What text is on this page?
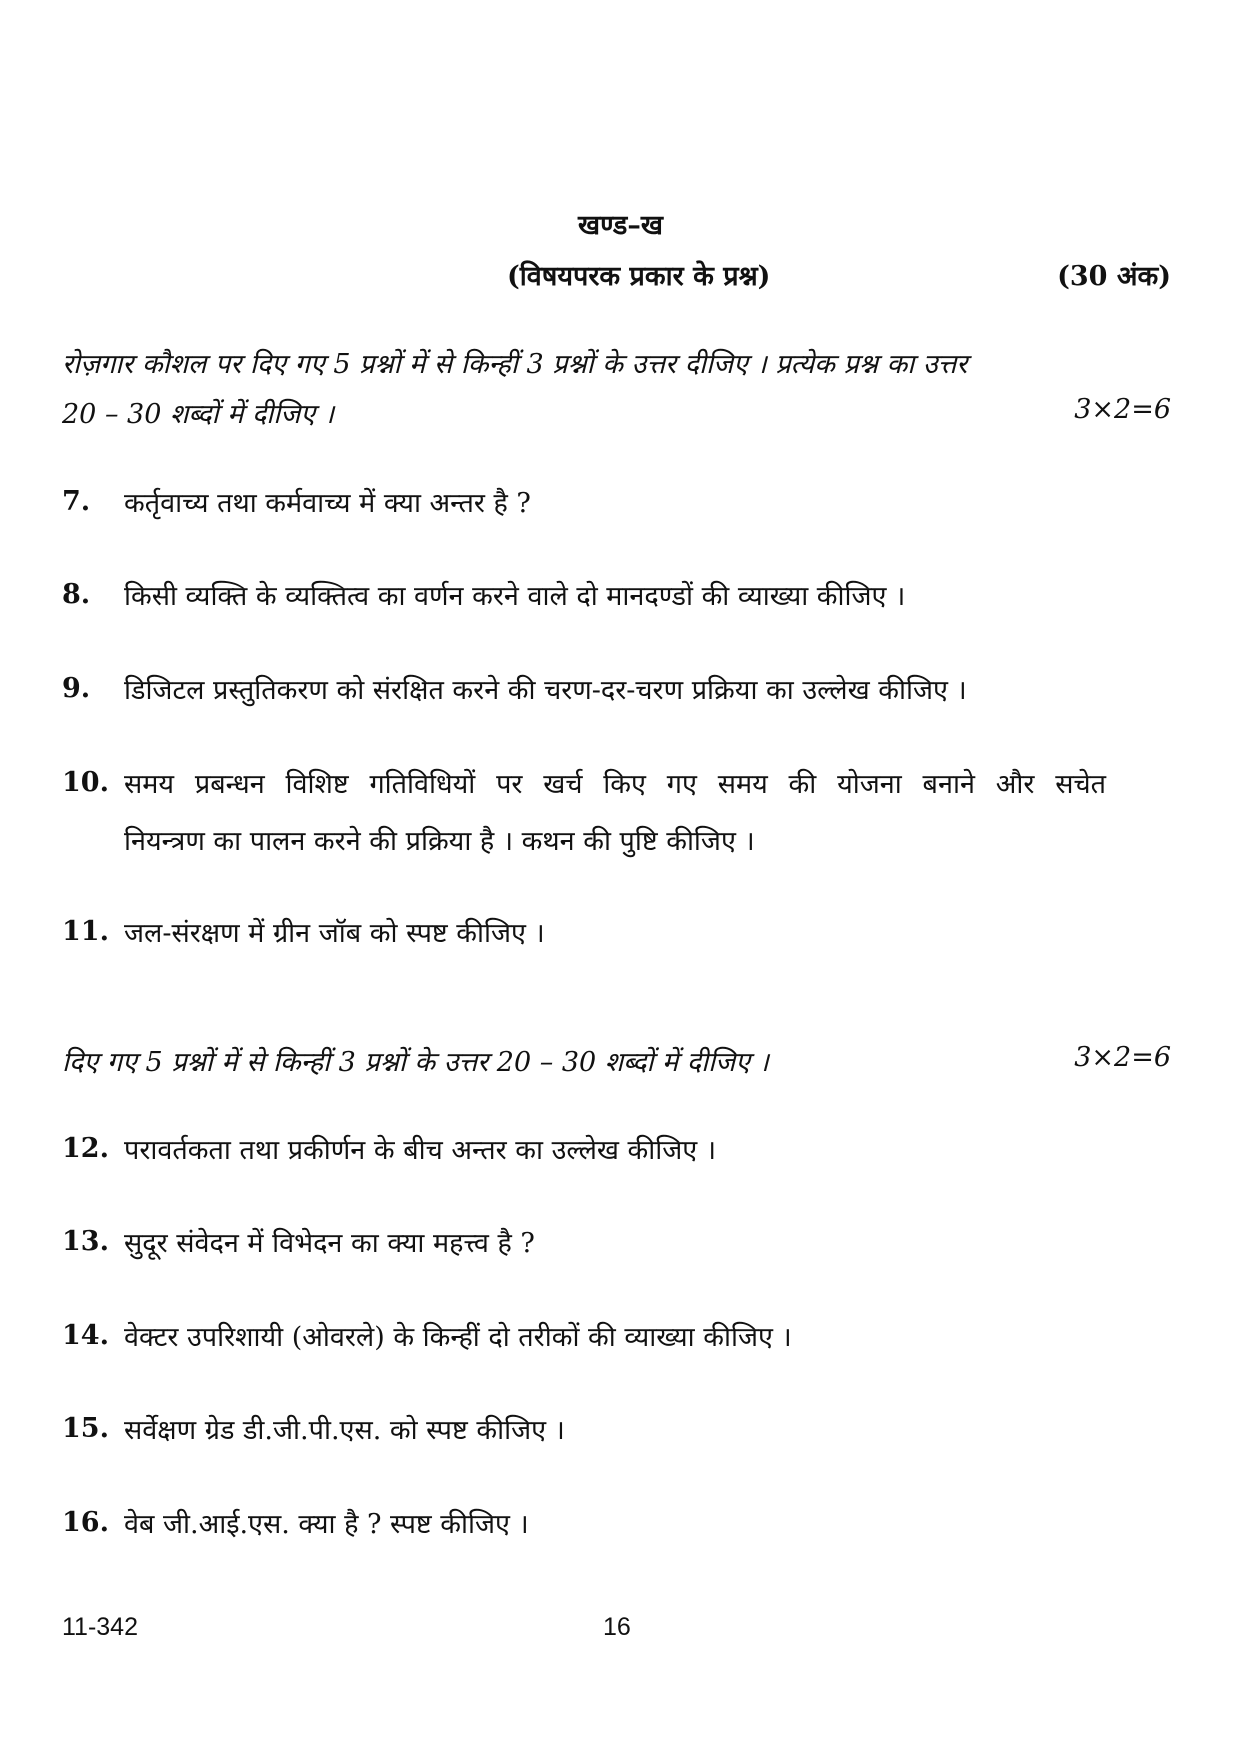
खण्ड–ख
(विषयपरक प्रकार के प्रश्न)	(30 अंक)
रोज़गार कौशल पर दिए गए 5 प्रश्नों में से किन्हीं 3 प्रश्नों के उत्तर दीजिए । प्रत्येक प्रश्न का उत्तर
20 – 30 शब्दों में दीजिए ।	3×2=6
7. कर्तृवाच्य तथा कर्मवाच्य में क्या अन्तर है ?
8. किसी व्यक्ति के व्यक्तित्व का वर्णन करने वाले दो मानदण्डों की व्याख्या कीजिए ।
9. डिजिटल प्रस्तुतिकरण को संरक्षित करने की चरण-दर-चरण प्रक्रिया का उल्लेख कीजिए ।
10. समय प्रबन्धन विशिष्ट गतिविधियों पर खर्च किए गए समय की योजना बनाने और सचेत
नियन्त्रण का पालन करने की प्रक्रिया है । कथन की पुष्टि कीजिए ।
11. जल-संरक्षण में ग्रीन जॉब को स्पष्ट कीजिए ।
दिए गए 5 प्रश्नों में से किन्हीं 3 प्रश्नों के उत्तर 20 – 30 शब्दों में दीजिए ।	3×2=6
12. परावर्तकता तथा प्रकीर्णन के बीच अन्तर का उल्लेख कीजिए ।
13. सुदूर संवेदन में विभेदन का क्या महत्त्व है ?
14. वेक्टर उपरिशायी (ओवरले) के किन्हीं दो तरीकों की व्याख्या कीजिए ।
15. सर्वेक्षण ग्रेड डी.जी.पी.एस. को स्पष्ट कीजिए ।
16. वेब जी.आई.एस. क्या है ? स्पष्ट कीजिए ।
11-342	16
